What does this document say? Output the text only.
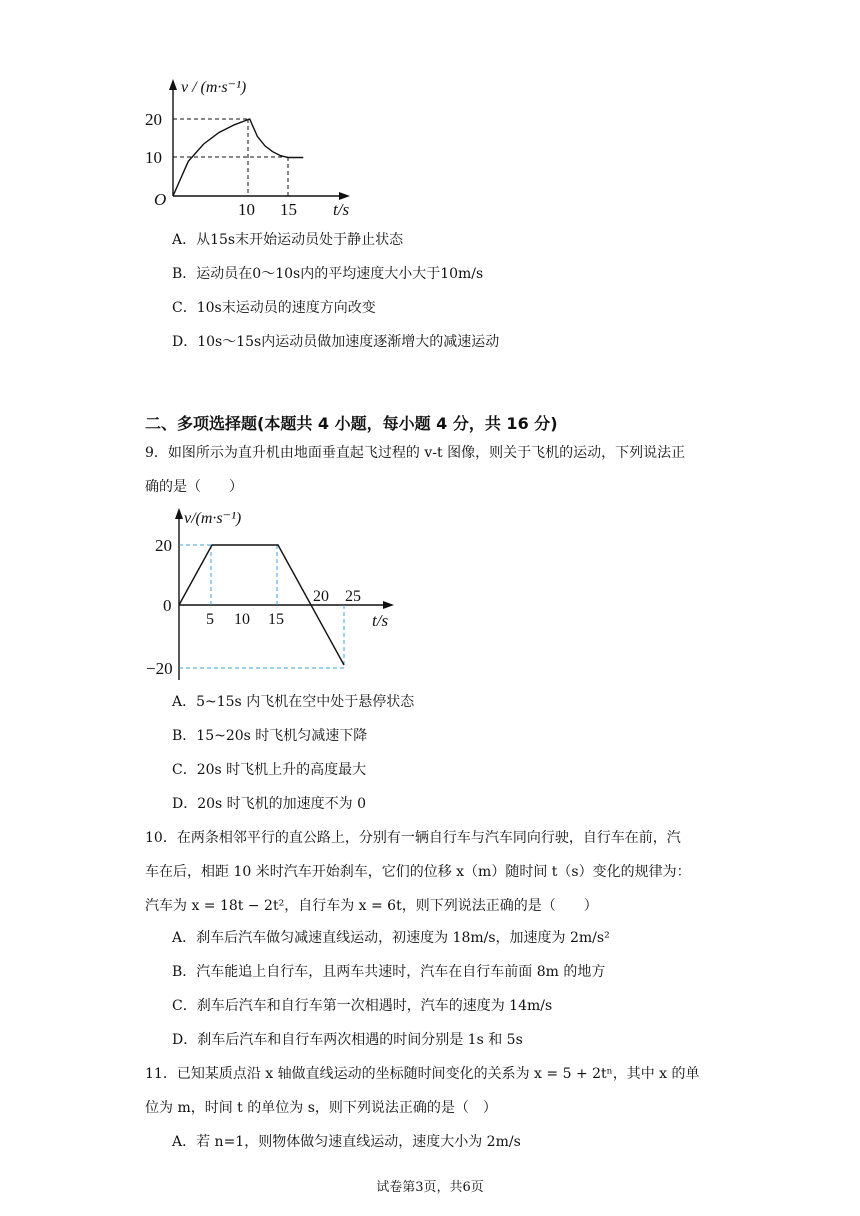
v / (m·s⁻¹)
20
10
O
10 15 t/s
A．从15s末开始运动员处于静止状态
B．运动员在0～10s内的平均速度大小大于10m/s
C．10s末运动员的速度方向改变
D．10s～15s内运动员做加速度逐渐增大的减速运动
二、多项选择题(本题共 4 小题，每小题 4 分，共 16 分)
9．如图所示为直升机由地面垂直起飞过程的 v-t 图像，则关于飞机的运动，下列说法正
确的是（　　）
v/(m·s⁻¹)
20
0
−20
5 10 15
20 25
t/s
A．5~15s 内飞机在空中处于悬停状态
B．15~20s 时飞机匀减速下降
C．20s 时飞机上升的高度最大
D．20s 时飞机的加速度不为 0
10．在两条相邻平行的直公路上，分别有一辆自行车与汽车同向行驶，自行车在前，汽
车在后，相距 10 米时汽车开始刹车，它们的位移 x（m）随时间 t（s）变化的规律为：
汽车为 x = 18t − 2t²，自行车为 x = 6t，则下列说法正确的是（　　）
A．刹车后汽车做匀减速直线运动，初速度为 18m/s，加速度为 2m/s²
B．汽车能追上自行车，且两车共速时，汽车在自行车前面 8m 的地方
C．刹车后汽车和自行车第一次相遇时，汽车的速度为 14m/s
D．刹车后汽车和自行车两次相遇的时间分别是 1s 和 5s
11．已知某质点沿 x 轴做直线运动的坐标随时间变化的关系为 x = 5 + 2tⁿ，其中 x 的单
位为 m，时间 t 的单位为 s，则下列说法正确的是（　）
A．若 n=1，则物体做匀速直线运动，速度大小为 2m/s
试卷第3页，共6页
